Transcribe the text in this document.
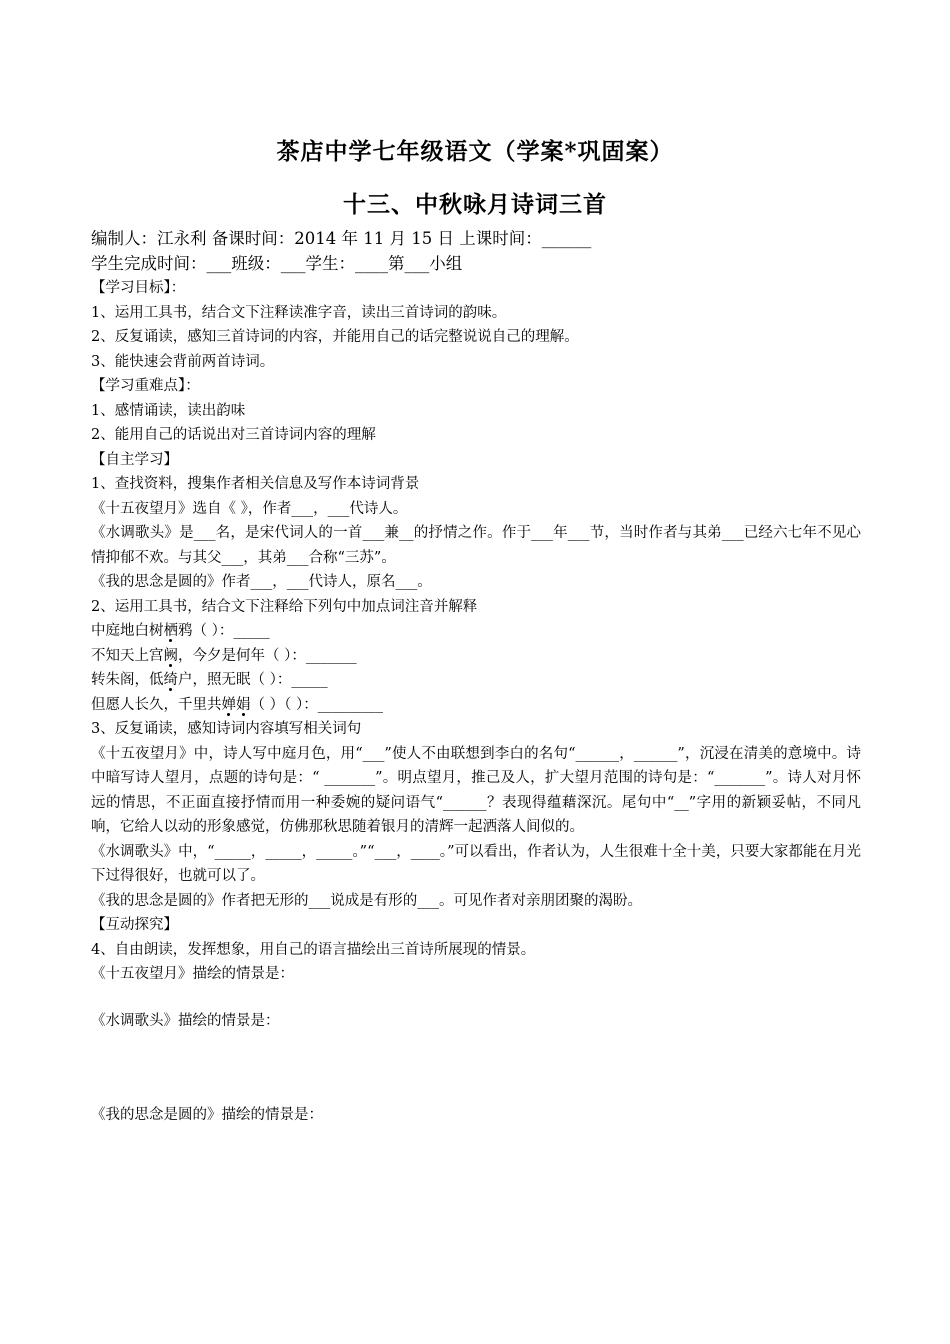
茶店中学七年级语文（学案*巩固案）
十三、中秋咏月诗词三首
编制人：江永利 备课时间：2014 年 11 月 15 日 上课时间：______
学生完成时间：___班级：___学生：____第___小组
【学习目标】：
1、运用工具书，结合文下注释读准字音，读出三首诗词的韵味。
2、反复诵读，感知三首诗词的内容，并能用自己的话完整说说自己的理解。
3、能快速会背前两首诗词。
【学习重难点】：
1、感情诵读，读出韵味
2、能用自己的话说出对三首诗词内容的理解
【自主学习】
1、查找资料，搜集作者相关信息及写作本诗词背景
《十五夜望月》选自《 》，作者___，___代诗人。
《水调歌头》是___名，是宋代词人的一首___兼__的抒情之作。作于___年___节，当时作者与其弟___已经六七年不见心情抑郁不欢。与其父___，其弟___合称“三苏”。
《我的思念是圆的》作者___，___代诗人，原名___。
2、运用工具书，结合文下注释给下列句中加点词注音并解释
中庭地白树栖鸦（ ）：_____
不知天上宫阙，今夕是何年（ ）：_______
转朱阁，低绮户，照无眠（ ）：_____
但愿人长久，千里共婵娟（ ）（ ）：_________
3、反复诵读，感知诗词内容填写相关词句
《十五夜望月》中，诗人写中庭月色，用“___”使人不由联想到李白的名句“______，______”，沉浸在清美的意境中。诗中暗写诗人望月，点题的诗句是：“ _______”。明点望月，推己及人，扩大望月范围的诗句是：“_______”。诗人对月怀远的情思，不正面直接抒情而用一种委婉的疑问语气“______？表现得蕴藉深沉。尾句中“__”字用的新颖妥帖，不同凡响，它给人以动的形象感觉，仿佛那秋思随着银月的清辉一起洒落人间似的。
《水调歌头》中，“_____，_____，_____。”“___，____。”可以看出，作者认为，人生很难十全十美，只要大家都能在月光下过得很好，也就可以了。
《我的思念是圆的》作者把无形的___说成是有形的___。可见作者对亲朋团聚的渴盼。
【互动探究】
4、自由朗读，发挥想象，用自己的语言描绘出三首诗所展现的情景。
《十五夜望月》描绘的情景是：
《水调歌头》描绘的情景是：
《我的思念是圆的》描绘的情景是：
